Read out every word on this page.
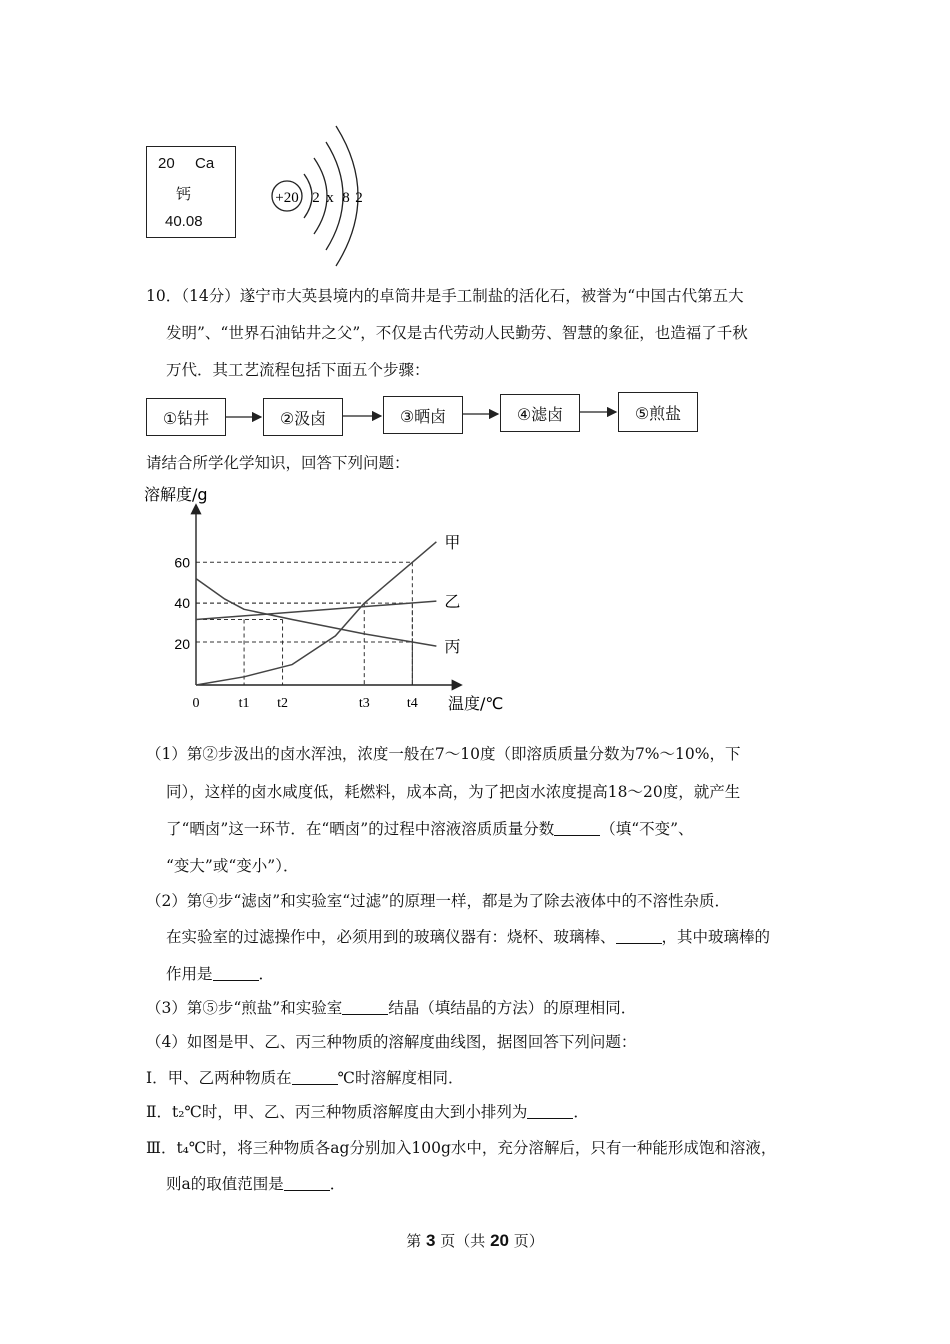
20 Ca
钙
40.08
+20 2 x 8 2
10．（14分）遂宁市大英县境内的卓筒井是手工制盐的活化石，被誉为“中国古代第五大
发明”、“世界石油钻井之父”，不仅是古代劳动人民勤劳、智慧的象征，也造福了千秋
万代．其工艺流程包括下面五个步骤：
①钻井	②汲卤	③晒卤	④滤卤	⑤煎盐
请结合所学化学知识，回答下列问题：
溶解度/g
温度/℃
20
40
60
0	t1 t2	t3	t4
甲
乙
丙
（1）第②步汲出的卤水浑浊，浓度一般在7～10度（即溶质质量分数为7%～10%，下
同），这样的卤水咸度低，耗燃料，成本高，为了把卤水浓度提高18～20度，就产生
了“晒卤”这一环节．在“晒卤”的过程中溶液溶质质量分数	（填“不变”、
“变大”或“变小”）．
（2）第④步“滤卤”和实验室“过滤”的原理一样，都是为了除去液体中的不溶性杂质．
在实验室的过滤操作中，必须用到的玻璃仪器有：烧杯、玻璃棒、	，其中玻璃棒的
作用是	．
（3）第⑤步“煎盐”和实验室	结晶（填结晶的方法）的原理相同．
（4）如图是甲、乙、丙三种物质的溶解度曲线图，据图回答下列问题：
Ⅰ．甲、乙两种物质在	℃时溶解度相同．
Ⅱ．t₂℃时，甲、乙、丙三种物质溶解度由大到小排列为	．
Ⅲ．t₄℃时，将三种物质各ag分别加入100g水中，充分溶解后，只有一种能形成饱和溶液，
则a的取值范围是	．
第 3 页（共 20 页）
